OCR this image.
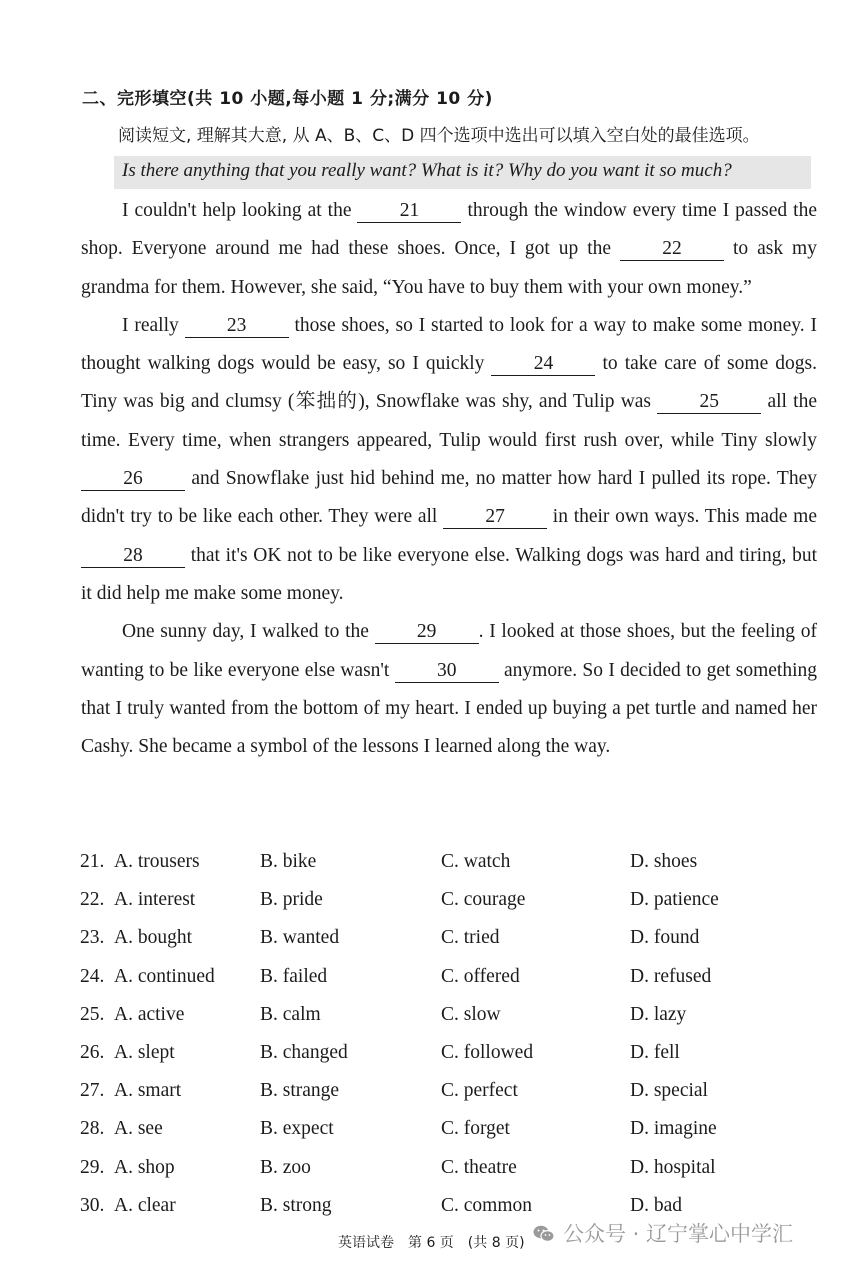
二、完形填空(共 10 小题,每小题 1 分;满分 10 分)
阅读短文, 理解其大意, 从 A、B、C、D 四个选项中选出可以填入空白处的最佳选项。
Is there anything that you really want? What is it? Why do you want it so much?

I couldn't help looking at the 21 through the window every time I passed the shop. Everyone around me had these shoes. Once, I got up the 22 to ask my grandma for them. However, she said, “You have to buy them with your own money.”

I really 23 those shoes, so I started to look for a way to make some money. I thought walking dogs would be easy, so I quickly 24 to take care of some dogs. Tiny was big and clumsy (笨拙的), Snowflake was shy, and Tulip was 25 all the time. Every time, when strangers appeared, Tulip would first rush over, while Tiny slowly 26 and Snowflake just hid behind me, no matter how hard I pulled its rope. They didn't try to be like each other. They were all 27 in their own ways. This made me 28 that it's OK not to be like everyone else. Walking dogs was hard and tiring, but it did help me make some money.

One sunny day, I walked to the 29 . I looked at those shoes, but the feeling of wanting to be like everyone else wasn't 30 anymore. So I decided to get something that I truly wanted from the bottom of my heart. I ended up buying a pet turtle and named her Cashy. She became a symbol of the lessons I learned along the way.

21. A. trousers	B. bike	C. watch	D. shoes
22. A. interest	B. pride	C. courage	D. patience
23. A. bought	B. wanted	C. tried	D. found
24. A. continued B. failed	C. offered	D. refused
25. A. active	B. calm	C. slow	D. lazy
26. A. slept	B. changed	C. followed	D. fell
27. A. smart	B. strange	C. perfect	D. special
28. A. see	B. expect	C. forget	D. imagine
29. A. shop	B. zoo	C. theatre	D. hospital
30. A. clear	B. strong	C. common	D. bad
公众号 · 辽宁掌心中学汇
英语试卷　第 6 页　(共 8 页)
